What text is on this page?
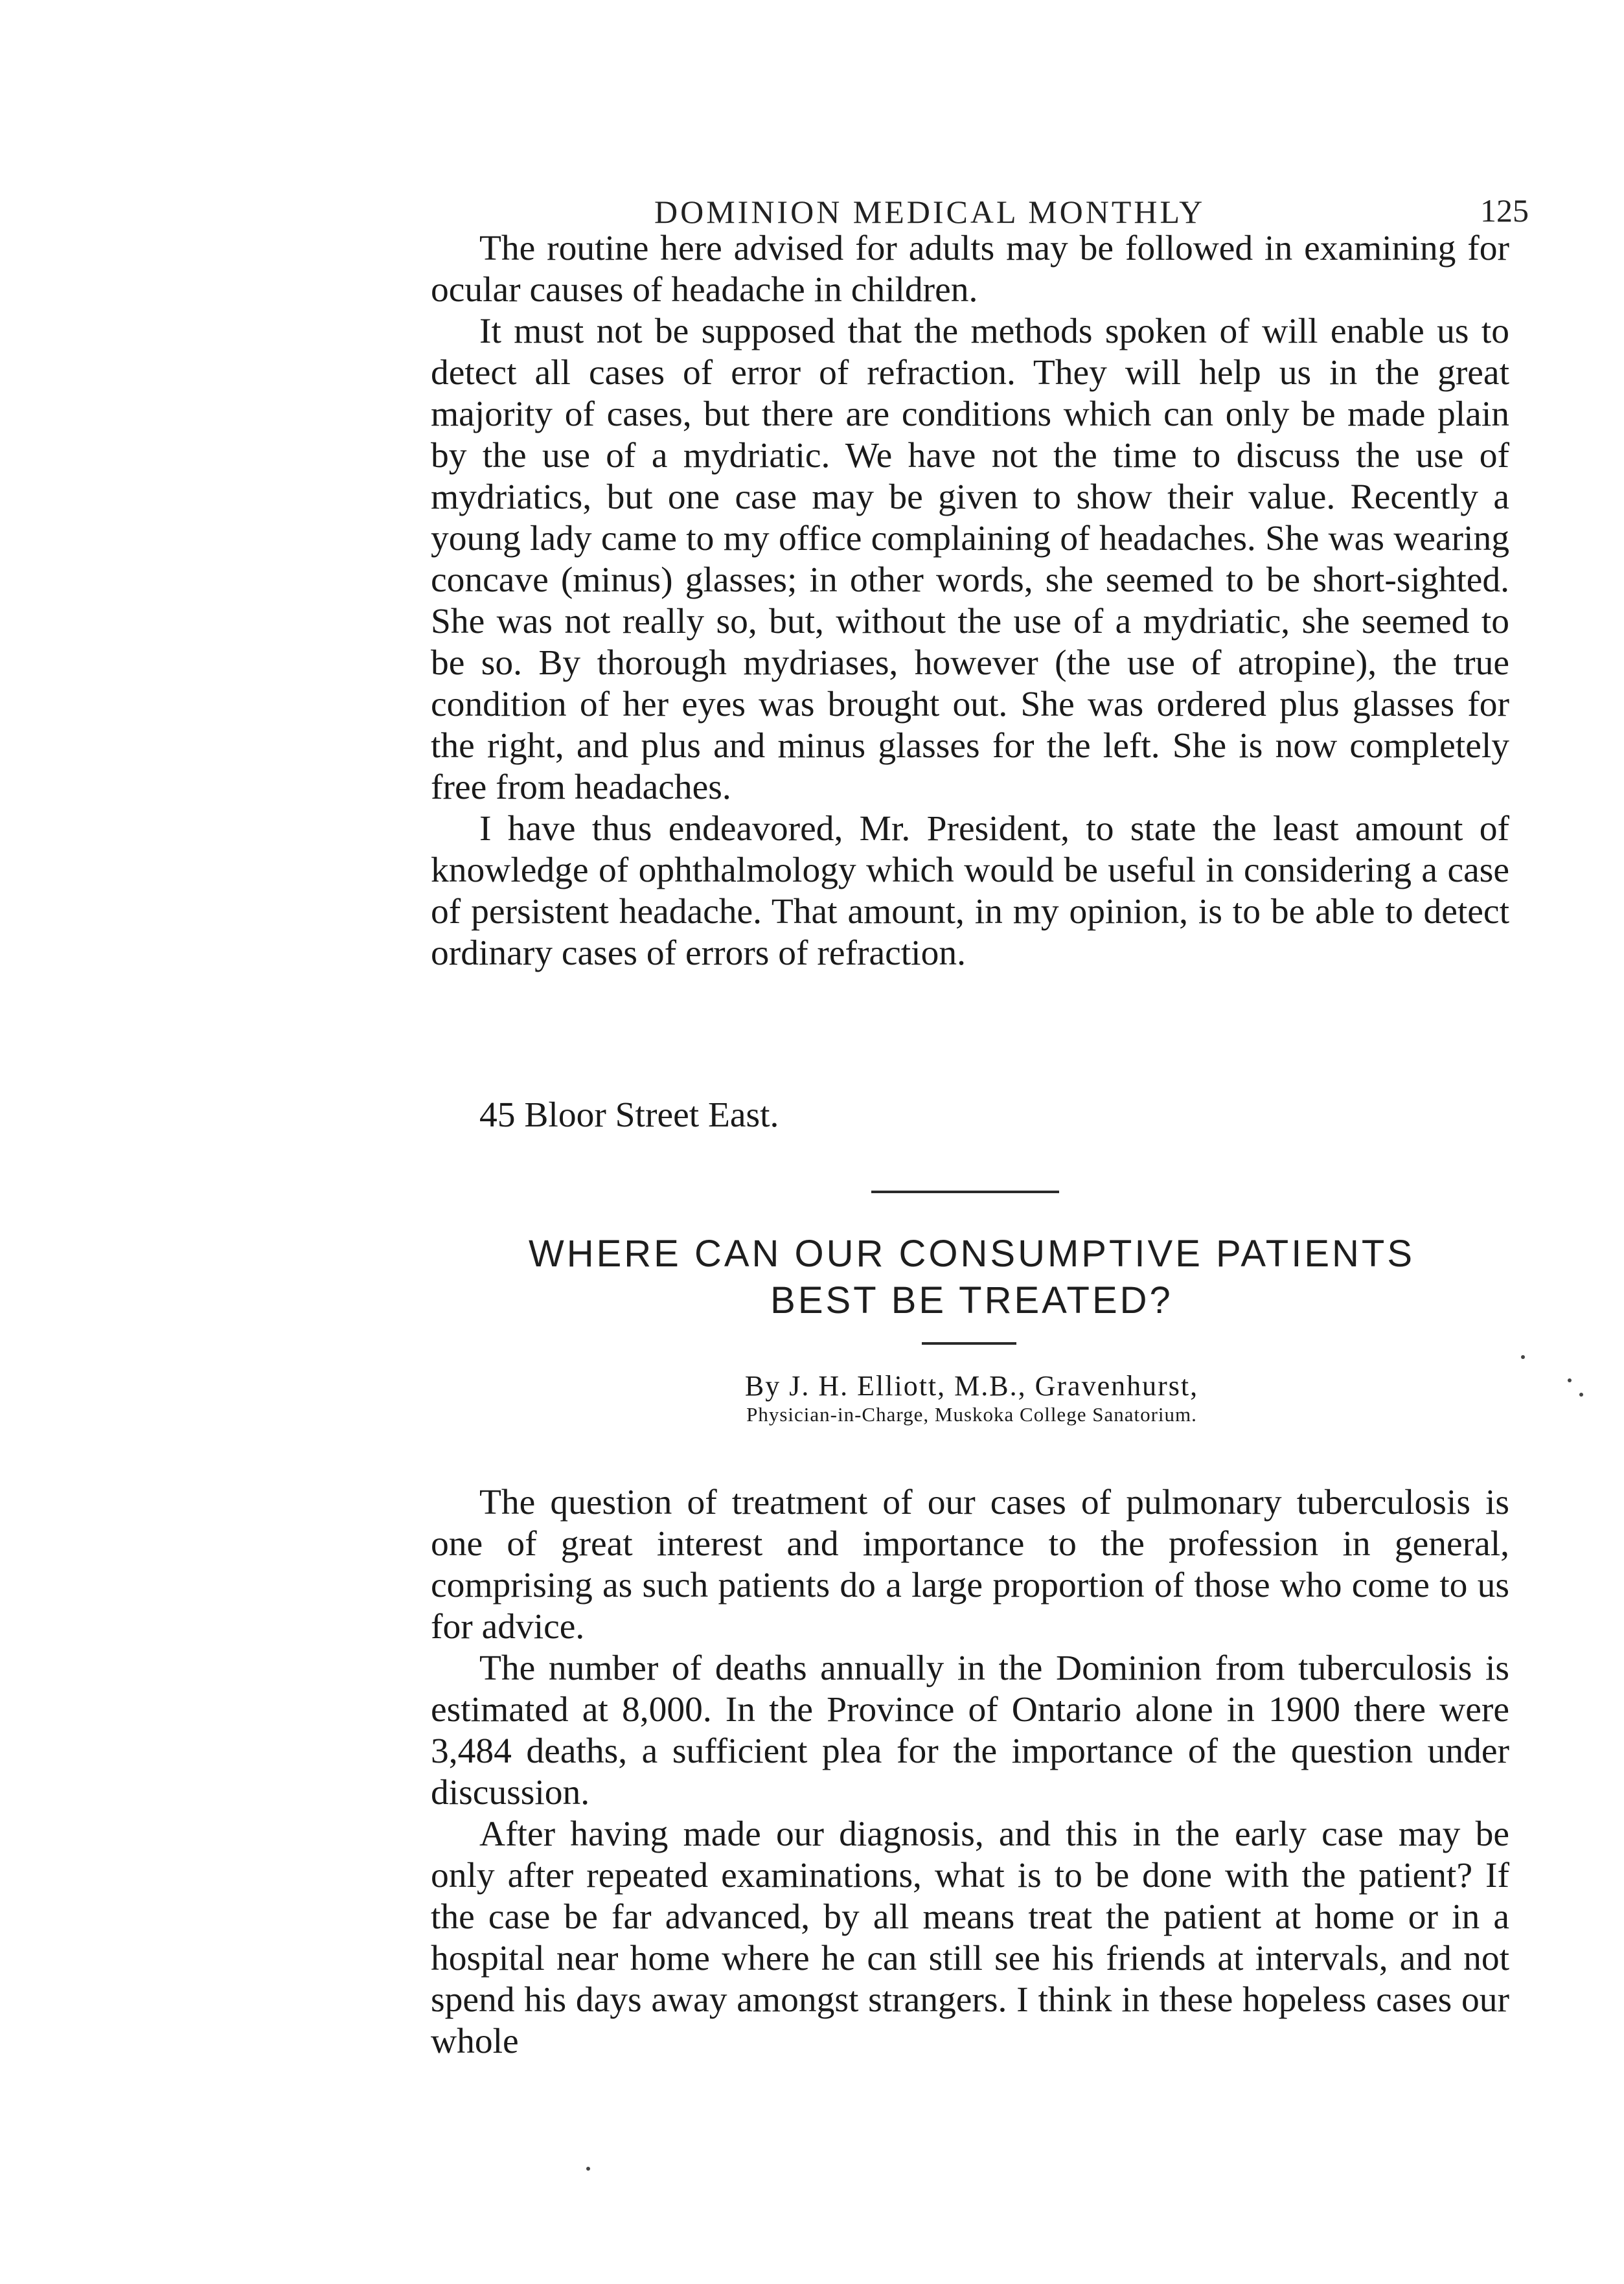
DOMINION MEDICAL MONTHLY	125

The routine here advised for adults may be followed in examining for ocular causes of headache in children.

It must not be supposed that the methods spoken of will enable us to detect all cases of error of refraction. They will help us in the great majority of cases, but there are conditions which can only be made plain by the use of a mydriatic. We have not the time to discuss the use of mydriatics, but one case may be given to show their value. Recently a young lady came to my office complaining of headaches. She was wearing concave (minus) glasses; in other words, she seemed to be short-sighted. She was not really so, but, without the use of a mydriatic, she seemed to be so. By thorough mydriases, however (the use of atropine), the true condition of her eyes was brought out. She was ordered plus glasses for the right, and plus and minus glasses for the left. She is now completely free from headaches.

I have thus endeavored, Mr. President, to state the least amount of knowledge of ophthalmology which would be useful in considering a case of persistent headache. That amount, in my opinion, is to be able to detect ordinary cases of errors of refraction.

45 Bloor Street East.
WHERE CAN OUR CONSUMPTIVE PATIENTS
BEST BE TREATED?
By J. H. Elliott, M.B., Gravenhurst,
Physician-in-Charge, Muskoka College Sanatorium.

The question of treatment of our cases of pulmonary tuberculosis is one of great interest and importance to the profession in general, comprising as such patients do a large proportion of those who come to us for advice.

The number of deaths annually in the Dominion from tuberculosis is estimated at 8,000. In the Province of Ontario alone in 1900 there were 3,484 deaths, a sufficient plea for the importance of the question under discussion.

After having made our diagnosis, and this in the early case may be only after repeated examinations, what is to be done with the patient? If the case be far advanced, by all means treat the patient at home or in a hospital near home where he can still see his friends at intervals, and not spend his days away amongst strangers. I think in these hopeless cases our whole
